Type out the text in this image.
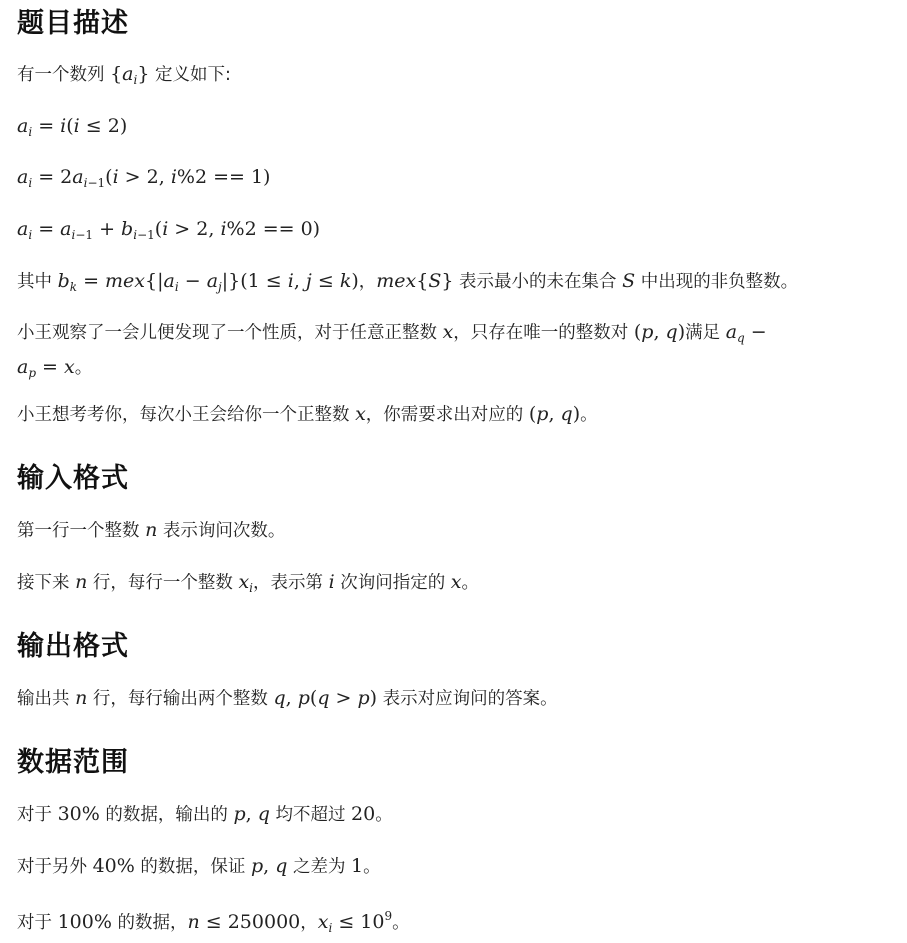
题目描述

有一个数列 $\{a_i\}$ 定义如下:

$a_i = i(i \le 2)$

$a_i = 2a_{i-1}(i > 2$, i%2 == 1)

$a_i = a_{i-1} + b_{i-1}(i > 2$, i%2 == 0)

其中 $b_k = mex\{|a_i - a_j|\}(1 \le i$, j ≤ k)，mex{S} 表示最小的未在集合 S 中出现的非负整数。

小王观察了一会儿便发现了一个性质，对于任意正整数 x，只存在唯一的整数对 (p, q)满足 $a_q$ −
$a_p = x$。

小王想考考你，每次小王会给你一个正整数 x，你需要求出对应的 (p, q)。

输入格式

第一行一个整数 n 表示询问次数。

接下来 n 行，每行一个整数 $x_i$，表示第 i 次询问指定的 x。

输出格式

输出共 n 行，每行输出两个整数 q, p(q > p) 表示对应询问的答案。

数据范围

对于 30% 的数据，输出的 p, q 均不超过 20。

对于另外 40% 的数据，保证 p, q 之差为 1。

对于 100% 的数据，n ≤ 250000，$x_i \le 10^9$。
